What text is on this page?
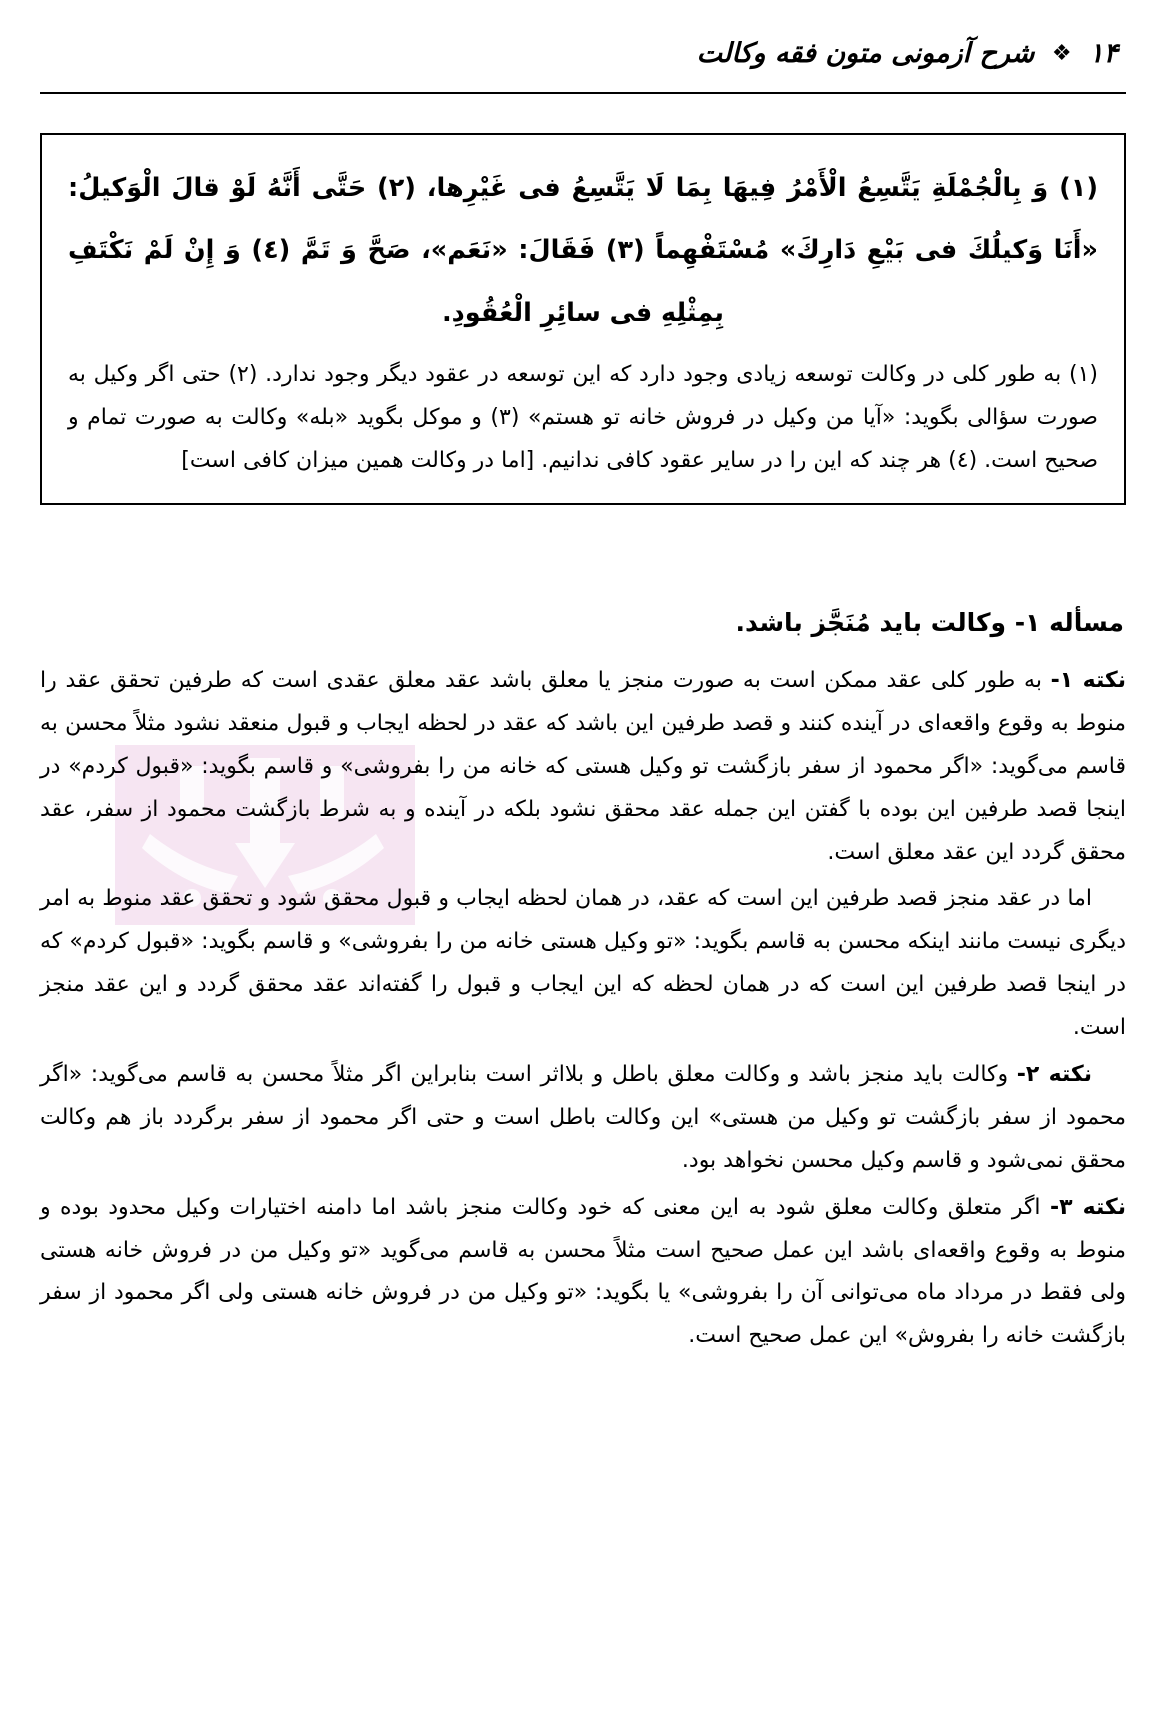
۱۴ ❖ شرح آزمونی متون فقه وکالت

(۱) وَ بِالْجُمْلَةِ يَتَّسِعُ الْأَمْرُ فِيهَا بِمَا لَا يَتَّسِعُ فى غَيْرِها، (۲) حَتَّى أَنَّهُ لَوْ قالَ الْوَكيلُ: «أَنَا وَكيلُكَ فى بَيْعِ دَارِكَ» مُسْتَفْهِماً (۳) فَقَالَ: «نَعَم»، صَحَّ وَ تَمَّ (٤) وَ إِنْ لَمْ نَكْتَفِ بِمِثْلِهِ فى سائِرِ الْعُقُودِ.

(۱) به طور کلی در وکالت توسعه زیادی وجود دارد که این توسعه در عقود دیگر وجود ندارد. (۲) حتی اگر وکیل به صورت سؤالی بگوید: «آیا من وکیل در فروش خانه تو هستم» (۳) و موکل بگوید «بله» وکالت به صورت تمام و صحیح است. (٤) هر چند که این را در سایر عقود کافی ندانیم. [اما در وکالت همین میزان کافی است]

مسأله ۱- وکالت باید مُنَجَّز باشد.

نکته ۱- به طور کلی عقد ممکن است به صورت منجز یا معلق باشد عقد معلق عقدی است که طرفین تحقق عقد را منوط به وقوع واقعه‌ای در آینده کنند و قصد طرفین این باشد که عقد در لحظه ایجاب و قبول منعقد نشود مثلاً محسن به قاسم می‌گوید: «اگر محمود از سفر بازگشت تو وکیل هستی که خانه من را بفروشی» و قاسم بگوید: «قبول کردم» در اینجا قصد طرفین این بوده با گفتن این جمله عقد محقق نشود بلکه در آینده و به شرط بازگشت محمود از سفر، عقد محقق گردد این عقد معلق است.

اما در عقد منجز قصد طرفین این است که عقد، در همان لحظه ایجاب و قبول محقق شود و تحقق عقد منوط به امر دیگری نیست مانند اینکه محسن به قاسم بگوید: «تو وکیل هستی خانه من را بفروشی» و قاسم بگوید: «قبول کردم» که در اینجا قصد طرفین این است که در همان لحظه که این ایجاب و قبول را گفته‌اند عقد محقق گردد و این عقد منجز است.

نکته ۲- وکالت باید منجز باشد و وکالت معلق باطل و بلااثر است بنابراین اگر مثلاً محسن به قاسم می‌گوید: «اگر محمود از سفر بازگشت تو وکیل من هستی» این وکالت باطل است و حتی اگر محمود از سفر برگردد باز هم وکالت محقق نمی‌شود و قاسم وکیل محسن نخواهد بود.

نکته ۳- اگر متعلق وکالت معلق شود به این معنی که خود وکالت منجز باشد اما دامنه اختیارات وکیل محدود بوده و منوط به وقوع واقعه‌ای باشد این عمل صحیح است مثلاً محسن به قاسم می‌گوید «تو وکیل من در فروش خانه هستی ولی فقط در مرداد ماه می‌توانی آن را بفروشی» یا بگوید: «تو وکیل من در فروش خانه هستی ولی اگر محمود از سفر بازگشت خانه را بفروش» این عمل صحیح است.
